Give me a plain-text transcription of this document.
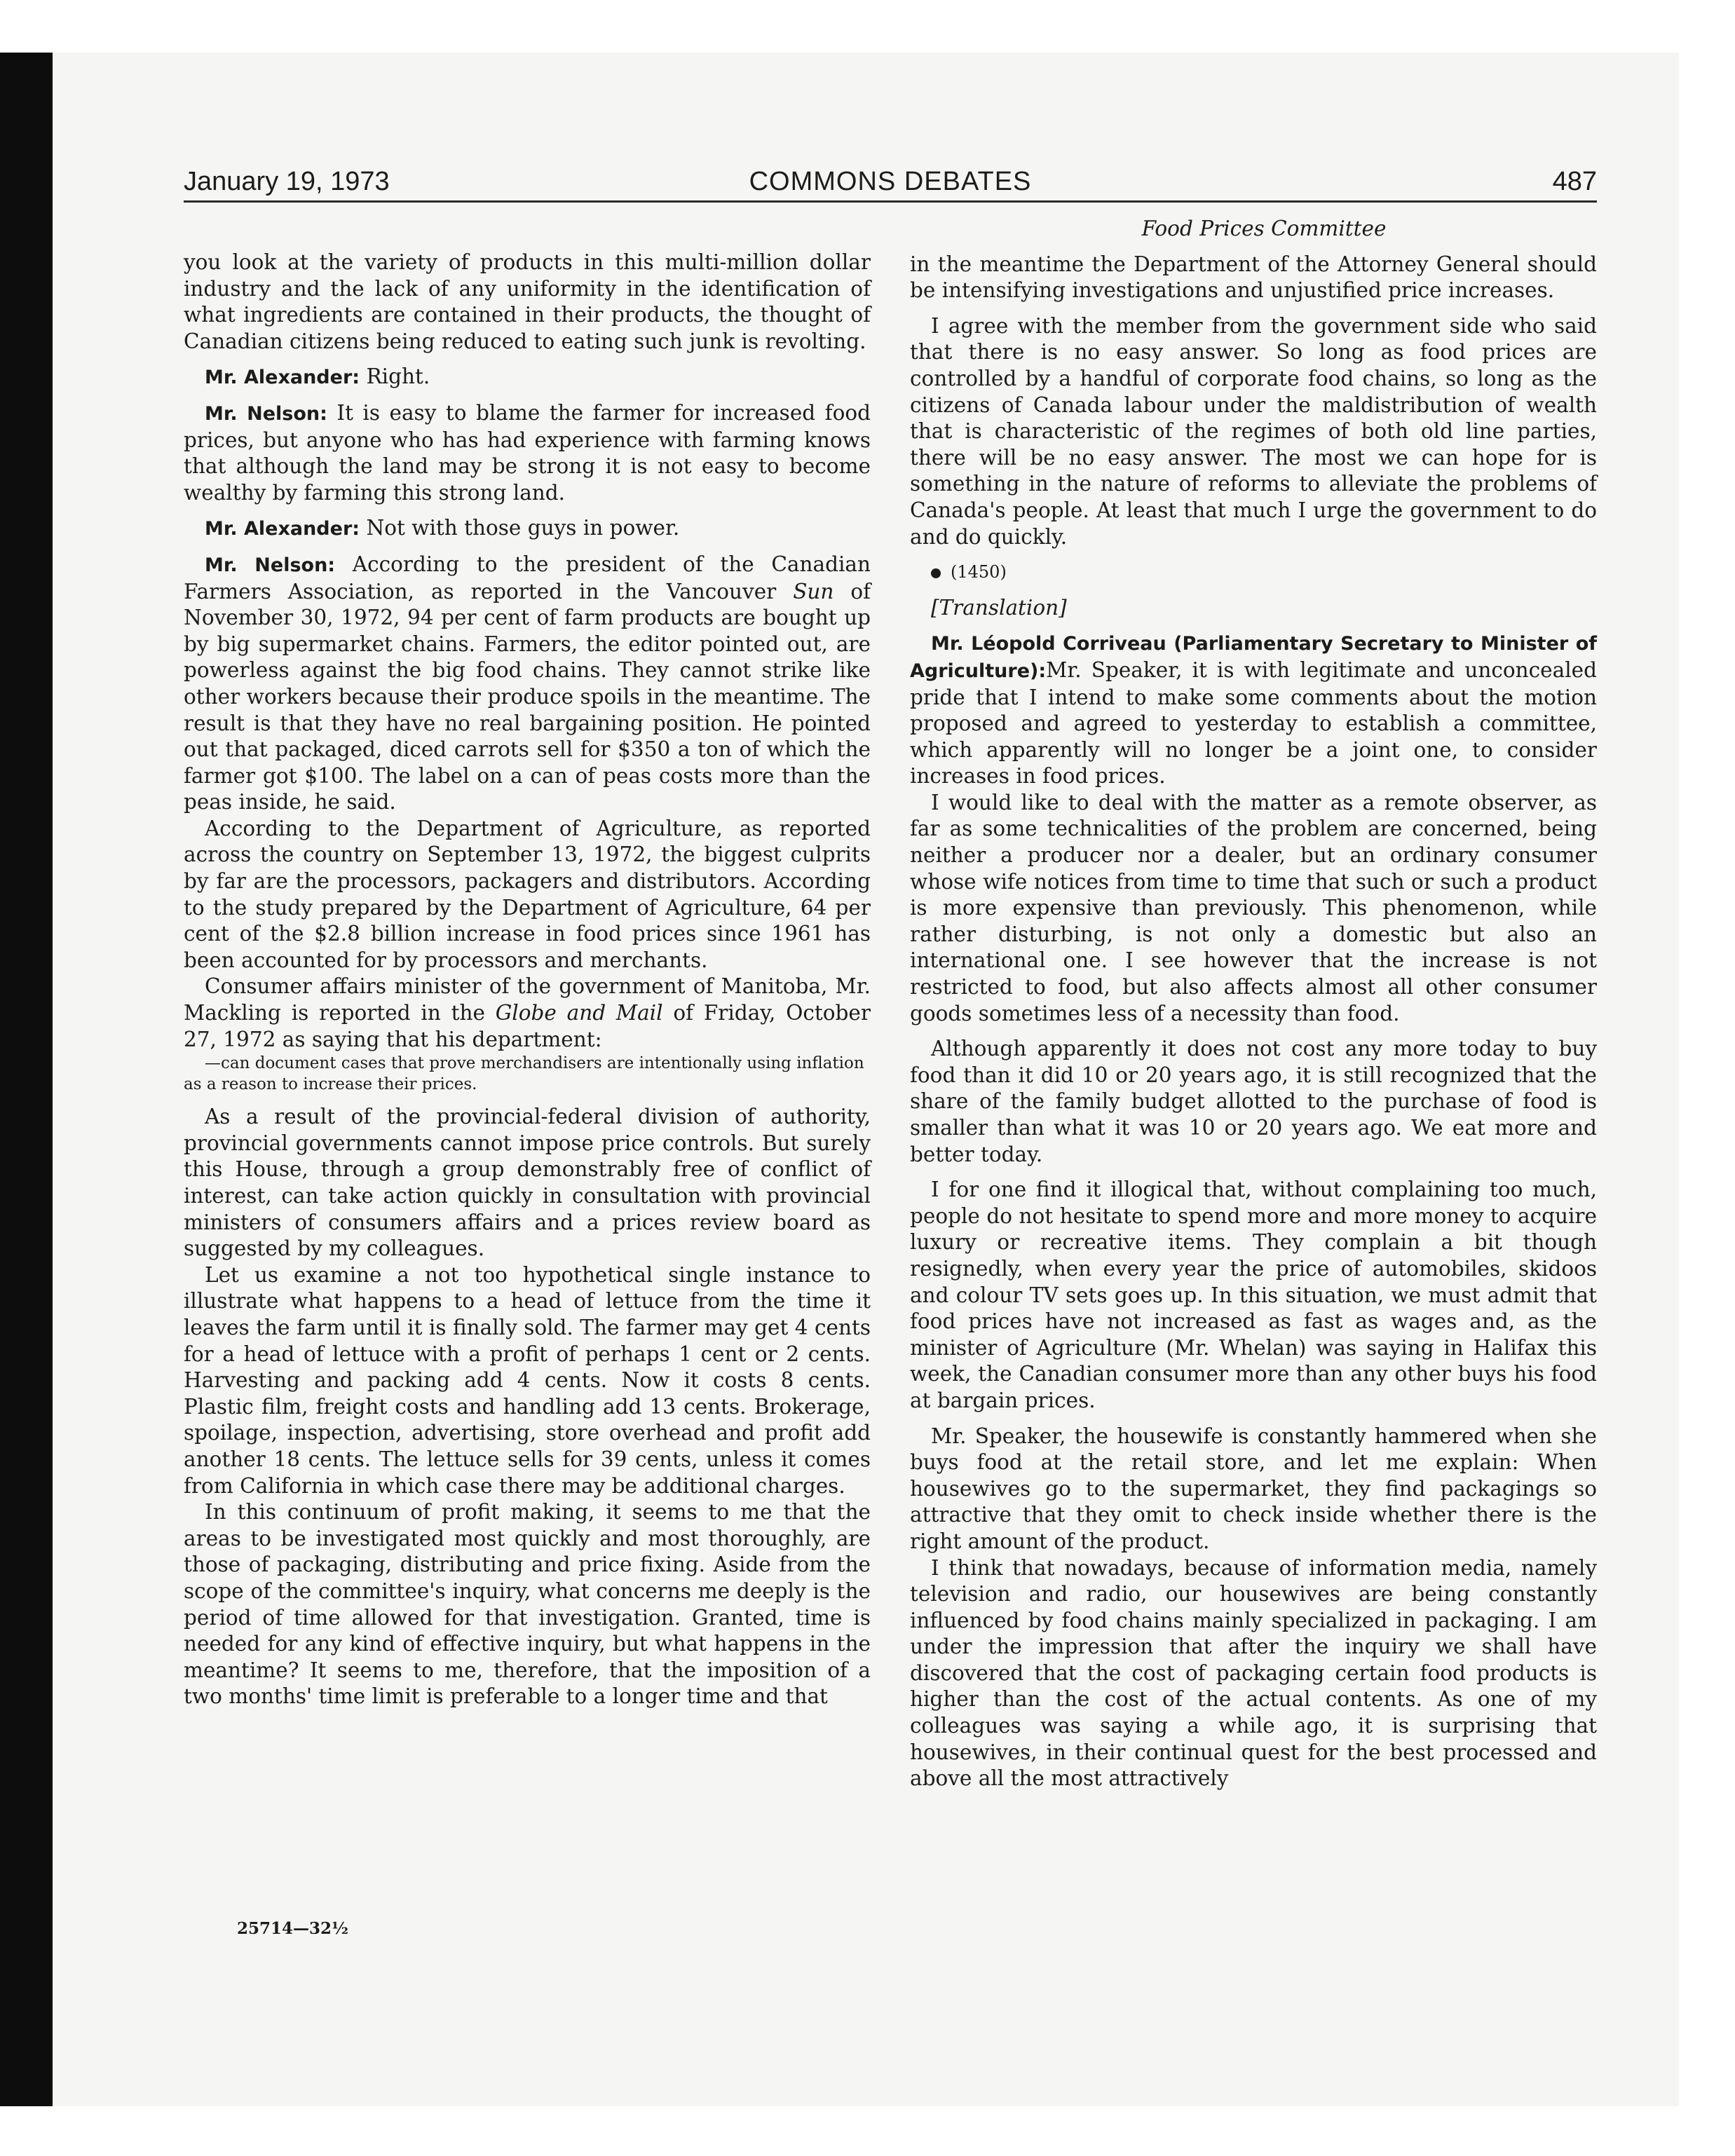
January 19, 1973	COMMONS DEBATES	487

you look at the variety of products in this multi-million dollar industry and the lack of any uniformity in the identification of what ingredients are contained in their products, the thought of Canadian citizens being reduced to eating such junk is revolting.

Mr. Alexander: Right.

Mr. Nelson: It is easy to blame the farmer for increased food prices, but anyone who has had experience with farming knows that although the land may be strong it is not easy to become wealthy by farming this strong land.

Mr. Alexander: Not with those guys in power.

Mr. Nelson: According to the president of the Canadian Farmers Association, as reported in the Vancouver Sun of November 30, 1972, 94 per cent of farm products are bought up by big supermarket chains. Farmers, the editor pointed out, are powerless against the big food chains. They cannot strike like other workers because their produce spoils in the meantime. The result is that they have no real bargaining position. He pointed out that packaged, diced carrots sell for $350 a ton of which the farmer got $100. The label on a can of peas costs more than the peas inside, he said.

According to the Department of Agriculture, as reported across the country on September 13, 1972, the biggest culprits by far are the processors, packagers and distributors. According to the study prepared by the Department of Agriculture, 64 per cent of the $2.8 billion increase in food prices since 1961 has been accounted for by processors and merchants.

Consumer affairs minister of the government of Manitoba, Mr. Mackling is reported in the Globe and Mail of Friday, October 27, 1972 as saying that his department:

—can document cases that prove merchandisers are intentionally using inflation as a reason to increase their prices.

As a result of the provincial-federal division of authority, provincial governments cannot impose price controls. But surely this House, through a group demonstrably free of conflict of interest, can take action quickly in consultation with provincial ministers of consumers affairs and a prices review board as suggested by my colleagues.

Let us examine a not too hypothetical single instance to illustrate what happens to a head of lettuce from the time it leaves the farm until it is finally sold. The farmer may get 4 cents for a head of lettuce with a profit of perhaps 1 cent or 2 cents. Harvesting and packing add 4 cents. Now it costs 8 cents. Plastic film, freight costs and handling add 13 cents. Brokerage, spoilage, inspection, advertising, store overhead and profit add another 18 cents. The lettuce sells for 39 cents, unless it comes from California in which case there may be additional charges.

In this continuum of profit making, it seems to me that the areas to be investigated most quickly and most thoroughly, are those of packaging, distributing and price fixing. Aside from the scope of the committee's inquiry, what concerns me deeply is the period of time allowed for that investigation. Granted, time is needed for any kind of effective inquiry, but what happens in the meantime? It seems to me, therefore, that the imposition of a two months' time limit is preferable to a longer time and that

Food Prices Committee

in the meantime the Department of the Attorney General should be intensifying investigations and unjustified price increases.

I agree with the member from the government side who said that there is no easy answer. So long as food prices are controlled by a handful of corporate food chains, so long as the citizens of Canada labour under the maldistribution of wealth that is characteristic of the regimes of both old line parties, there will be no easy answer. The most we can hope for is something in the nature of reforms to alleviate the problems of Canada's people. At least that much I urge the government to do and do quickly.

(1450)

[Translation]

Mr. Léopold Corriveau (Parliamentary Secretary to Minister of Agriculture):Mr. Speaker, it is with legitimate and unconcealed pride that I intend to make some comments about the motion proposed and agreed to yesterday to establish a committee, which apparently will no longer be a joint one, to consider increases in food prices.

I would like to deal with the matter as a remote observer, as far as some technicalities of the problem are concerned, being neither a producer nor a dealer, but an ordinary consumer whose wife notices from time to time that such or such a product is more expensive than previously. This phenomenon, while rather disturbing, is not only a domestic but also an international one. I see however that the increase is not restricted to food, but also affects almost all other consumer goods sometimes less of a necessity than food.

Although apparently it does not cost any more today to buy food than it did 10 or 20 years ago, it is still recognized that the share of the family budget allotted to the purchase of food is smaller than what it was 10 or 20 years ago. We eat more and better today.

I for one find it illogical that, without complaining too much, people do not hesitate to spend more and more money to acquire luxury or recreative items. They complain a bit though resignedly, when every year the price of automobiles, skidoos and colour TV sets goes up. In this situation, we must admit that food prices have not increased as fast as wages and, as the minister of Agriculture (Mr. Whelan) was saying in Halifax this week, the Canadian consumer more than any other buys his food at bargain prices.

Mr. Speaker, the housewife is constantly hammered when she buys food at the retail store, and let me explain: When housewives go to the supermarket, they find packagings so attractive that they omit to check inside whether there is the right amount of the product.

I think that nowadays, because of information media, namely television and radio, our housewives are being constantly influenced by food chains mainly specialized in packaging. I am under the impression that after the inquiry we shall have discovered that the cost of packaging certain food products is higher than the cost of the actual contents. As one of my colleagues was saying a while ago, it is surprising that housewives, in their continual quest for the best processed and above all the most attractively

25714—32½
